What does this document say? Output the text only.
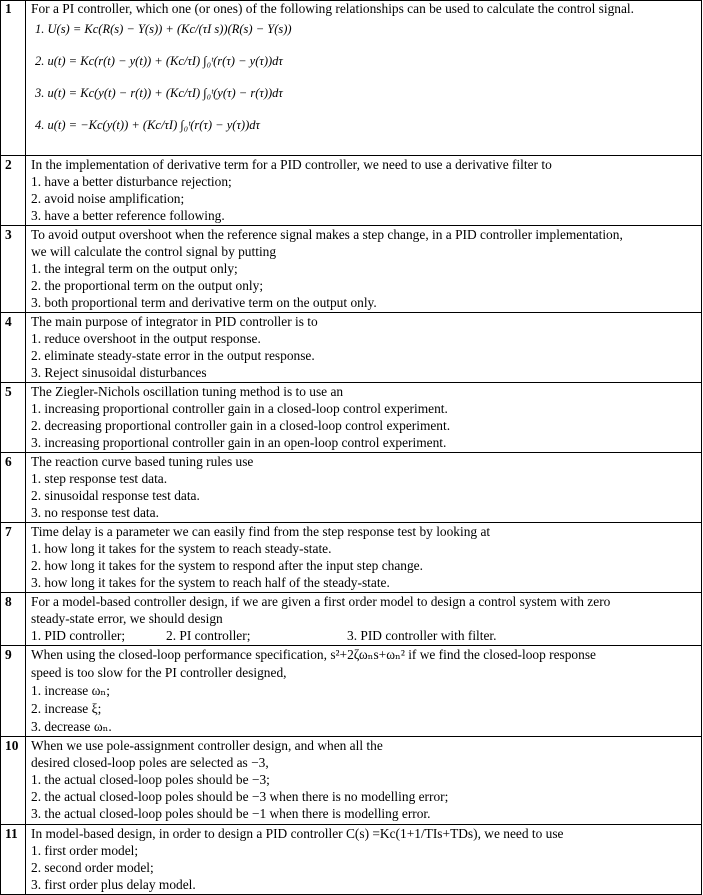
1	For a PI controller, which one (or ones) of the following relationships can be used to calculate the control signal.
1. U(s) = Kc(R(s) − Y(s)) + (Kc/(τI s))(R(s) − Y(s))
2. u(t) = Kc(r(t) − y(t)) + (Kc/τI) ∫₀ᵗ(r(τ) − y(τ))dτ
3. u(t) = Kc(y(t) − r(t)) + (Kc/τI) ∫₀ᵗ(y(τ) − r(τ))dτ
4. u(t) = −Kc(y(t)) + (Kc/τI) ∫₀ᵗ(r(τ) − y(τ))dτ
2	In the implementation of derivative term for a PID controller, we need to use a derivative filter to
1. have a better disturbance rejection;
2. avoid noise amplification;
3. have a better reference following.
3	To avoid output overshoot when the reference signal makes a step change, in a PID controller implementation,
we will calculate the control signal by putting
1. the integral term on the output only;
2. the proportional term on the output only;
3. both proportional term and derivative term on the output only.
4	The main purpose of integrator in PID controller is to
1. reduce overshoot in the output response.
2. eliminate steady-state error in the output response.
3. Reject sinusoidal disturbances
5	The Ziegler-Nichols oscillation tuning method is to use an
1. increasing proportional controller gain in a closed-loop control experiment.
2. decreasing proportional controller gain in a closed-loop control experiment.
3. increasing proportional controller gain in an open-loop control experiment.
6	The reaction curve based tuning rules use
1. step response test data.
2. sinusoidal response test data.
3. no response test data.
7	Time delay is a parameter we can easily find from the step response test by looking at
1. how long it takes for the system to reach steady-state.
2. how long it takes for the system to respond after the input step change.
3. how long it takes for the system to reach half of the steady-state.
8	For a model-based controller design, if we are given a first order model to design a control system with zero
steady-state error, we should design
1. PID controller;	2. PI controller;	3. PID controller with filter.
9	When using the closed-loop performance specification, s²+2ζωₙs+ωₙ² if we find the closed-loop response
speed is too slow for the PI controller designed,
1. increase ωₙ;
2. increase ξ;
3. decrease ωₙ.
10 When we use pole-assignment controller design, and when all the
desired closed-loop poles are selected as −3,
1. the actual closed-loop poles should be −3;
2. the actual closed-loop poles should be −3 when there is no modelling error;
3. the actual closed-loop poles should be −1 when there is modelling error.
11 In model-based design, in order to design a PID controller C(s) =Kc(1+1/TIs+TDs), we need to use
1. first order model;
2. second order model;
3. first order plus delay model.
